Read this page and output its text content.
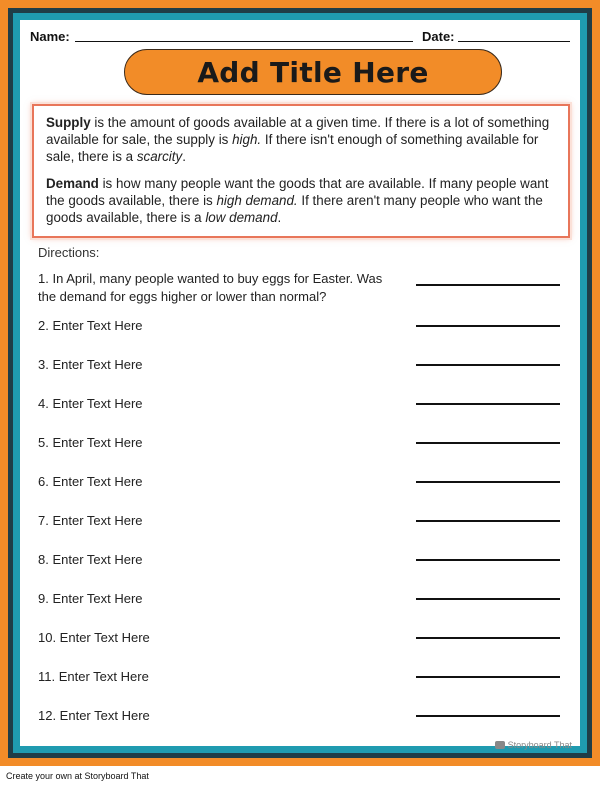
Name:	Date:
Add Title Here
Supply is the amount of goods available at a given time. If there is a lot of something available for sale, the supply is high. If there isn't enough of something available for sale, there is a scarcity.
Demand is how many people want the goods that are available. If many people want the goods available, there is high demand. If there aren't many people who want the goods available, there is a low demand.
Directions:
1. In April, many people wanted to buy eggs for Easter. Was the demand for eggs higher or lower than normal?
2. Enter Text Here
3. Enter Text Here
4. Enter Text Here
5. Enter Text Here
6. Enter Text Here
7. Enter Text Here
8. Enter Text Here
9. Enter Text Here
10. Enter Text Here
11. Enter Text Here
12. Enter Text Here
Storyboard That
Create your own at Storyboard That
